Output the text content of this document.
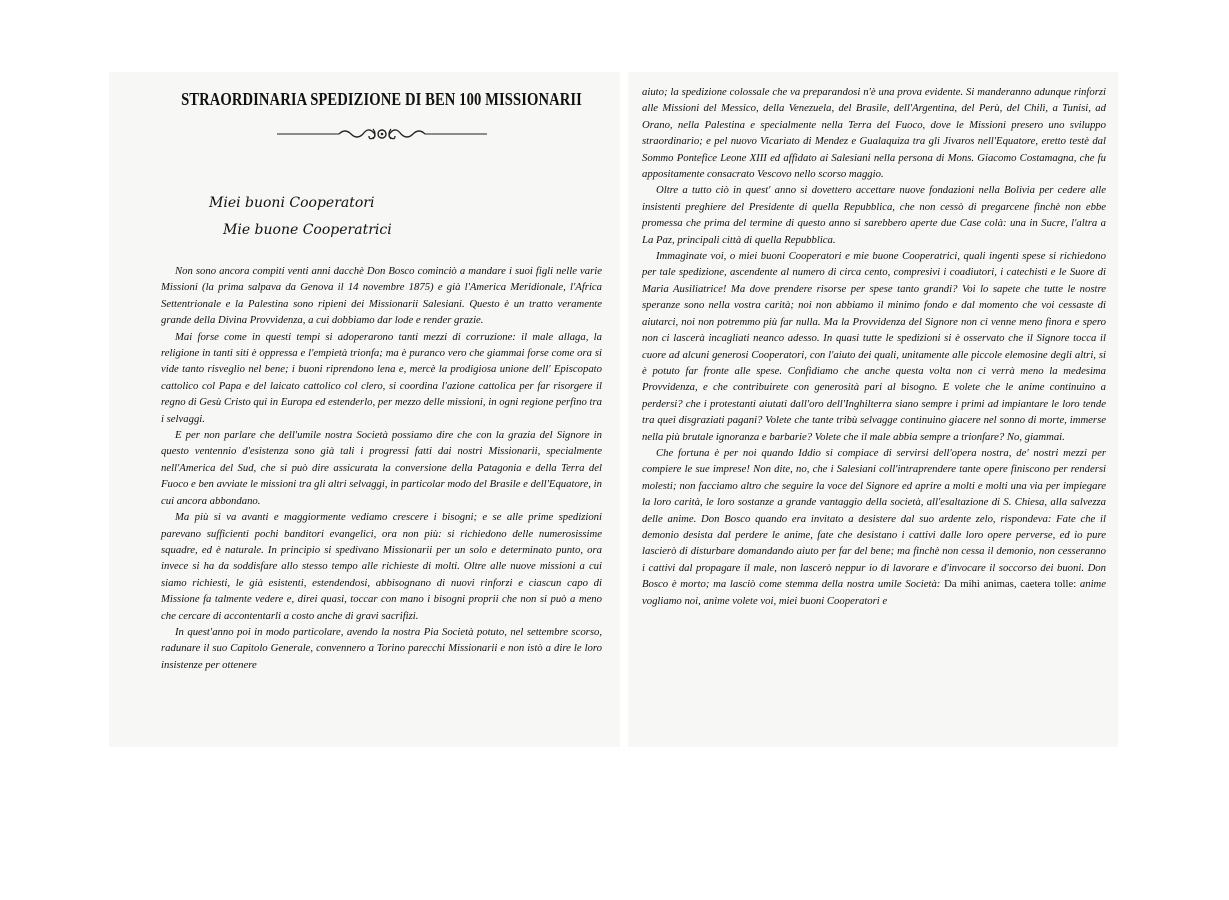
STRAORDINARIA SPEDIZIONE DI BEN 100 MISSIONARII

Miei buoni Cooperatori

Mie buone Cooperatrici

Non sono ancora compiti venti anni dacchè Don Bosco cominciò a mandare i suoi figli nelle varie Missioni (la prima salpava da Genova il 14 novembre 1875) e già l'America Meridionale, l'Africa Settentrionale e la Palestina sono ripieni dei Missionarii Salesiani. Questo è un tratto veramente grande della Divina Provvidenza, a cui dobbiamo dar lode e render grazie.

Mai forse come in questi tempi si adoperarono tanti mezzi di corruzione: il male allaga, la religione in tanti siti è oppressa e l'empietà trionfa; ma è puranco vero che giammai forse come ora si vide tanto risveglio nel bene; i buoni riprendono lena e, mercè la prodigiosa unione dell' Episcopato cattolico col Papa e del laicato cattolico col clero, si coordina l'azione cattolica per far risorgere il regno di Gesù Cristo qui in Europa ed estenderlo, per mezzo delle missioni, in ogni regione perfino tra i selvaggi.

E per non parlare che dell'umile nostra Società possiamo dire che con la grazia del Signore in questo ventennio d'esistenza sono già tali i progressi fatti dai nostri Missionarii, specialmente nell'America del Sud, che si può dire assicurata la conversione della Patagonia e della Terra del Fuoco e ben avviate le missioni tra gli altri selvaggi, in particolar modo del Brasile e dell'Equatore, in cui ancora abbondano.

Ma più si va avanti e maggiormente vediamo crescere i bisogni; e se alle prime spedizioni parevano sufficienti pochi banditori evangelici, ora non più: si richiedono delle numerosissime squadre, ed è naturale. In principio si spedivano Missionarii per un solo e determinato punto, ora invece si ha da soddisfare allo stesso tempo alle richieste di molti. Oltre alle nuove missioni a cui siamo richiesti, le già esistenti, estendendosi, abbisognano di nuovi rinforzi e ciascun capo di Missione fa talmente vedere e, direi quasi, toccar con mano i bisogni proprii che non si può a meno che cercare di accontentarli a costo anche di gravi sacrifizi.

In quest'anno poi in modo particolare, avendo la nostra Pia Società potuto, nel settembre scorso, radunare il suo Capitolo Generale, convennero a Torino parecchi Missionarii e non istò a dire le loro insistenze per ottenere

aiuto; la spedizione colossale che va preparandosi n'è una prova evidente. Si manderanno adunque rinforzi alle Missioni del Messico, della Venezuela, del Brasile, dell'Argentina, del Perù, del Chilì, a Tunisi, ad Orano, nella Palestina e specialmente nella Terra del Fuoco, dove le Missioni presero uno sviluppo straordinario; e pel nuovo Vicariato di Mendez e Gualaquiza tra gli Jivaros nell'Equatore, eretto testè dal Sommo Pontefice Leone XIII ed affidato ai Salesiani nella persona di Mons. Giacomo Costamagna, che fu appositamente consacrato Vescovo nello scorso maggio.

Oltre a tutto ciò in quest' anno si dovettero accettare nuove fondazioni nella Bolivia per cedere alle insistenti preghiere del Presidente di quella Repubblica, che non cessò di pregarcene finchè non ebbe promessa che prima del termine di questo anno si sarebbero aperte due Case colà: una in Sucre, l'altra a La Paz, principali città di quella Repubblica.

Immaginate voi, o miei buoni Cooperatori e mie buone Cooperatrici, quali ingenti spese si richiedono per tale spedizione, ascendente al numero di circa cento, compresivi i coadiutori, i catechisti e le Suore di Maria Ausiliatrice! Ma dove prendere risorse per spese tanto grandi? Voi lo sapete che tutte le nostre speranze sono nella vostra carità; noi non abbiamo il minimo fondo e dal momento che voi cessaste di aiutarci, noi non potremmo più far nulla. Ma la Provvidenza del Signore non ci venne meno finora e spero non ci lascerà incagliati neanco adesso. In quasi tutte le spedizioni si è osservato che il Signore tocca il cuore ad alcuni generosi Cooperatori, con l'aiuto dei quali, unitamente alle piccole elemosine degli altri, si è potuto far fronte alle spese. Confidiamo che anche questa volta non ci verrà meno la medesima Provvidenza, e che contribuirete con generosità pari al bisogno. E volete che le anime continuino a perdersi? che i protestanti aiutati dall'oro dell'Inghilterra siano sempre i primi ad impiantare le loro tende tra quei disgraziati pagani? Volete che tante tribù selvagge continuino giacere nel sonno di morte, immerse nella più brutale ignoranza e barbarie? Volete che il male abbia sempre a trionfare? No, giammai.

Che fortuna è per noi quando Iddio si compiace di servirsi dell'opera nostra, de' nostri mezzi per compiere le sue imprese! Non dite, no, che i Salesiani coll'intraprendere tante opere finiscono per rendersi molesti; non facciamo altro che seguire la voce del Signore ed aprire a molti e molti una via per impiegare la loro carità, le loro sostanze a grande vantaggio della società, all'esaltazione di S. Chiesa, alla salvezza delle anime. Don Bosco quando era invitato a desistere dal suo ardente zelo, rispondeva: Fate che il demonio desista dal perdere le anime, fate che desistano i cattivi dalle loro opere perverse, ed io pure lascierò di disturbare domandando aiuto per far del bene; ma finchè non cessa il demonio, non cesseranno i cattivi dal propagare il male, non lascerò neppur io di lavorare e d'invocare il soccorso dei buoni. Don Bosco è morto; ma lasciò come stemma della nostra umile Società: Da mihi animas, caetera tolle: anime vogliamo noi, anime volete voi, miei buoni Cooperatori e
